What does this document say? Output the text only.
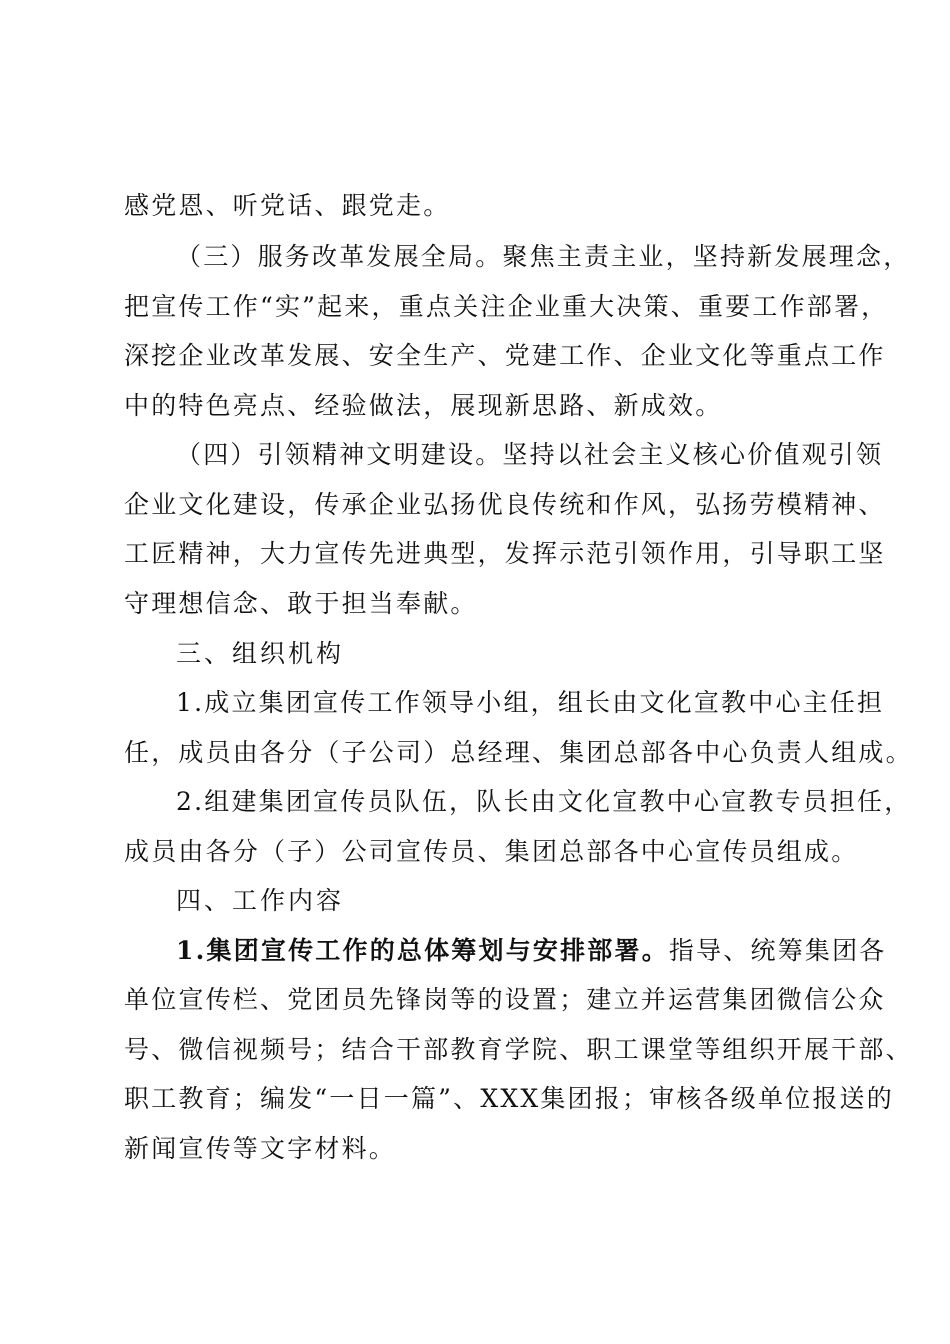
感党恩、听党话、跟党走。
（三）服务改革发展全局。聚焦主责主业，坚持新发展理念，
把宣传工作“实”起来，重点关注企业重大决策、重要工作部署，
深挖企业改革发展、安全生产、党建工作、企业文化等重点工作
中的特色亮点、经验做法，展现新思路、新成效。
（四）引领精神文明建设。坚持以社会主义核心价值观引领
企业文化建设，传承企业弘扬优良传统和作风，弘扬劳模精神、
工匠精神，大力宣传先进典型，发挥示范引领作用，引导职工坚
守理想信念、敢于担当奉献。
三、组织机构
1.成立集团宣传工作领导小组，组长由文化宣教中心主任担
任，成员由各分（子公司）总经理、集团总部各中心负责人组成。
2.组建集团宣传员队伍，队长由文化宣教中心宣教专员担任，
成员由各分（子）公司宣传员、集团总部各中心宣传员组成。
四、工作内容
1.集团宣传工作的总体筹划与安排部署。指导、统筹集团各
单位宣传栏、党团员先锋岗等的设置；建立并运营集团微信公众
号、微信视频号；结合干部教育学院、职工课堂等组织开展干部、
职工教育；编发“一日一篇”、XXX集团报；审核各级单位报送的
新闻宣传等文字材料。
